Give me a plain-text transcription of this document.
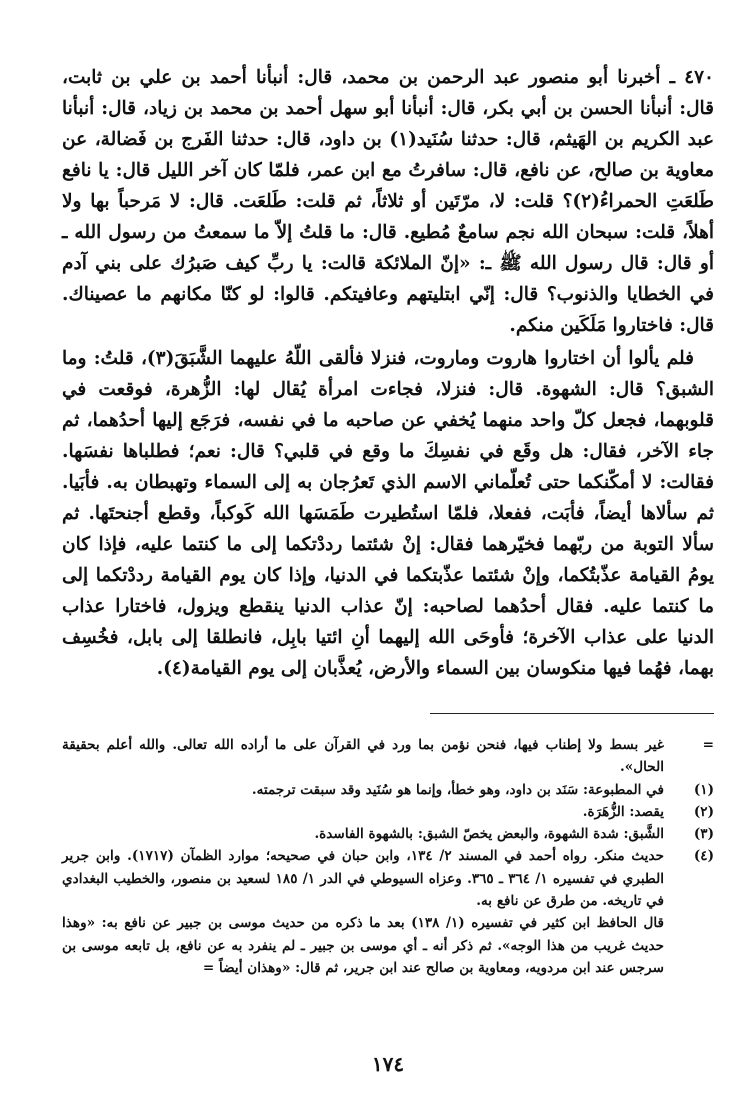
٤٧٠ ـ أخبرنا أبو منصور عبد الرحمن بن محمد، قال: أنبأنا أحمد بن علي بن ثابت، قال: أنبأنا الحسن بن أبي بكر، قال: أنبأنا أبو سهل أحمد بن محمد بن زياد، قال: أنبأنا عبد الكريم بن الهَيثم، قال: حدثنا سُنَيد(١) بن داود، قال: حدثنا الفَرج بن فَضالة، عن معاوية بن صالح، عن نافع، قال: سافرتُ مع ابن عمر، فلمّا كان آخر الليل قال: يا نافع طَلعَتِ الحمراءُ(٢)؟ قلت: لا، مرّتَين أو ثلاثاً، ثم قلت: طَلعَت. قال: لا مَرحباً بها ولا أهلاً، قلت: سبحان الله نجم سامعٌ مُطيع. قال: ما قلتُ إلاّ ما سمعتُ من رسول الله ـ أو قال: قال رسول الله ﷺ ـ: «إنّ الملائكة قالت: يا ربِّ كيف صَبرُك على بني آدم في الخطايا والذنوب؟ قال: إنّي ابتليتهم وعافيتكم. قالوا: لو كنّا مكانهم ما عصيناك. قال: فاختاروا مَلَكَين منكم.

فلم يألوا أن اختاروا هاروت وماروت، فنزلا فألقى اللّهُ عليهما الشَّبَقَ(٣)، قلتُ: وما الشبق؟ قال: الشهوة. قال: فنزلا، فجاءت امرأة يُقال لها: الزُّهرة، فوقعت في قلوبهما، فجعل كلّ واحد منهما يُخفي عن صاحبه ما في نفسه، فرَجَع إليها أحدُهما، ثم جاء الآخر، فقال: هل وقَع في نفسِكَ ما وقع في قلبي؟ قال: نعم؛ فطلباها نفسَها. فقالت: لا أمكّنكما حتى تُعلّماني الاسم الذي تَعرُجان به إلى السماء وتهبطان به. فأبَيا. ثم سألاها أيضاً، فأبَت، ففعلا، فلمّا استُطيرت طَمَسَها الله كَوكباً، وقطع أجنحتَها. ثم سألا التوبة من ربّهما فخيّرهما فقال: إنْ شئتما رددْتكما إلى ما كنتما عليه، فإذا كان يومُ القيامة عذّبتُكما، وإنْ شئتما عذّبتكما في الدنيا، وإذا كان يوم القيامة رددْتكما إلى ما كنتما عليه. فقال أحدُهما لصاحبه: إنّ عذاب الدنيا ينقطع ويزول، فاختارا عذاب الدنيا على عذاب الآخرة؛ فأوحَى الله إليهما أنِ ائتيا بابِل، فانطلقا إلى بابل، فخُسِف بهما، فهُما فيها منكوسان بين السماء والأرض، يُعذَّبان إلى يوم القيامة(٤).

=
غير بسط ولا إطناب فيها، فنحن نؤمن بما ورد في القرآن على ما أراده الله تعالى. والله أعلم بحقيقة الحال».
(١)
في المطبوعة: سَنَد بن داود، وهو خطأ، وإنما هو سُنَيد وقد سبقت ترجمته.
(٢)
يقصد: الزُّهَرَة.
(٣)
الشَّبق: شدة الشهوة، والبعض يخصّ الشبق: بالشهوة الفاسدة.
(٤)
حديث منكر. رواه أحمد في المسند ٢/ ١٣٤، وابن حبان في صحيحه؛ موارد الظمآن (١٧١٧). وابن جرير الطبري في تفسيره ١/ ٣٦٤ ـ ٣٦٥. وعزاه السيوطي في الدر ١/ ١٨٥ لسعيد بن منصور، والخطيب البغدادي في تاريخه. من طرق عن نافع به.
قال الحافظ ابن كثير في تفسيره (١/ ١٣٨) بعد ما ذكره من حديث موسى بن جبير عن نافع به: «وهذا حديث غريب من هذا الوجه». ثم ذكر أنه ـ أي موسى بن جبير ـ لم ينفرد به عن نافع، بل تابعه موسى بن سرجس عند ابن مردويه، ومعاوية بن صالح عند ابن جرير، ثم قال: «وهذان أيضاً =
١٧٤
